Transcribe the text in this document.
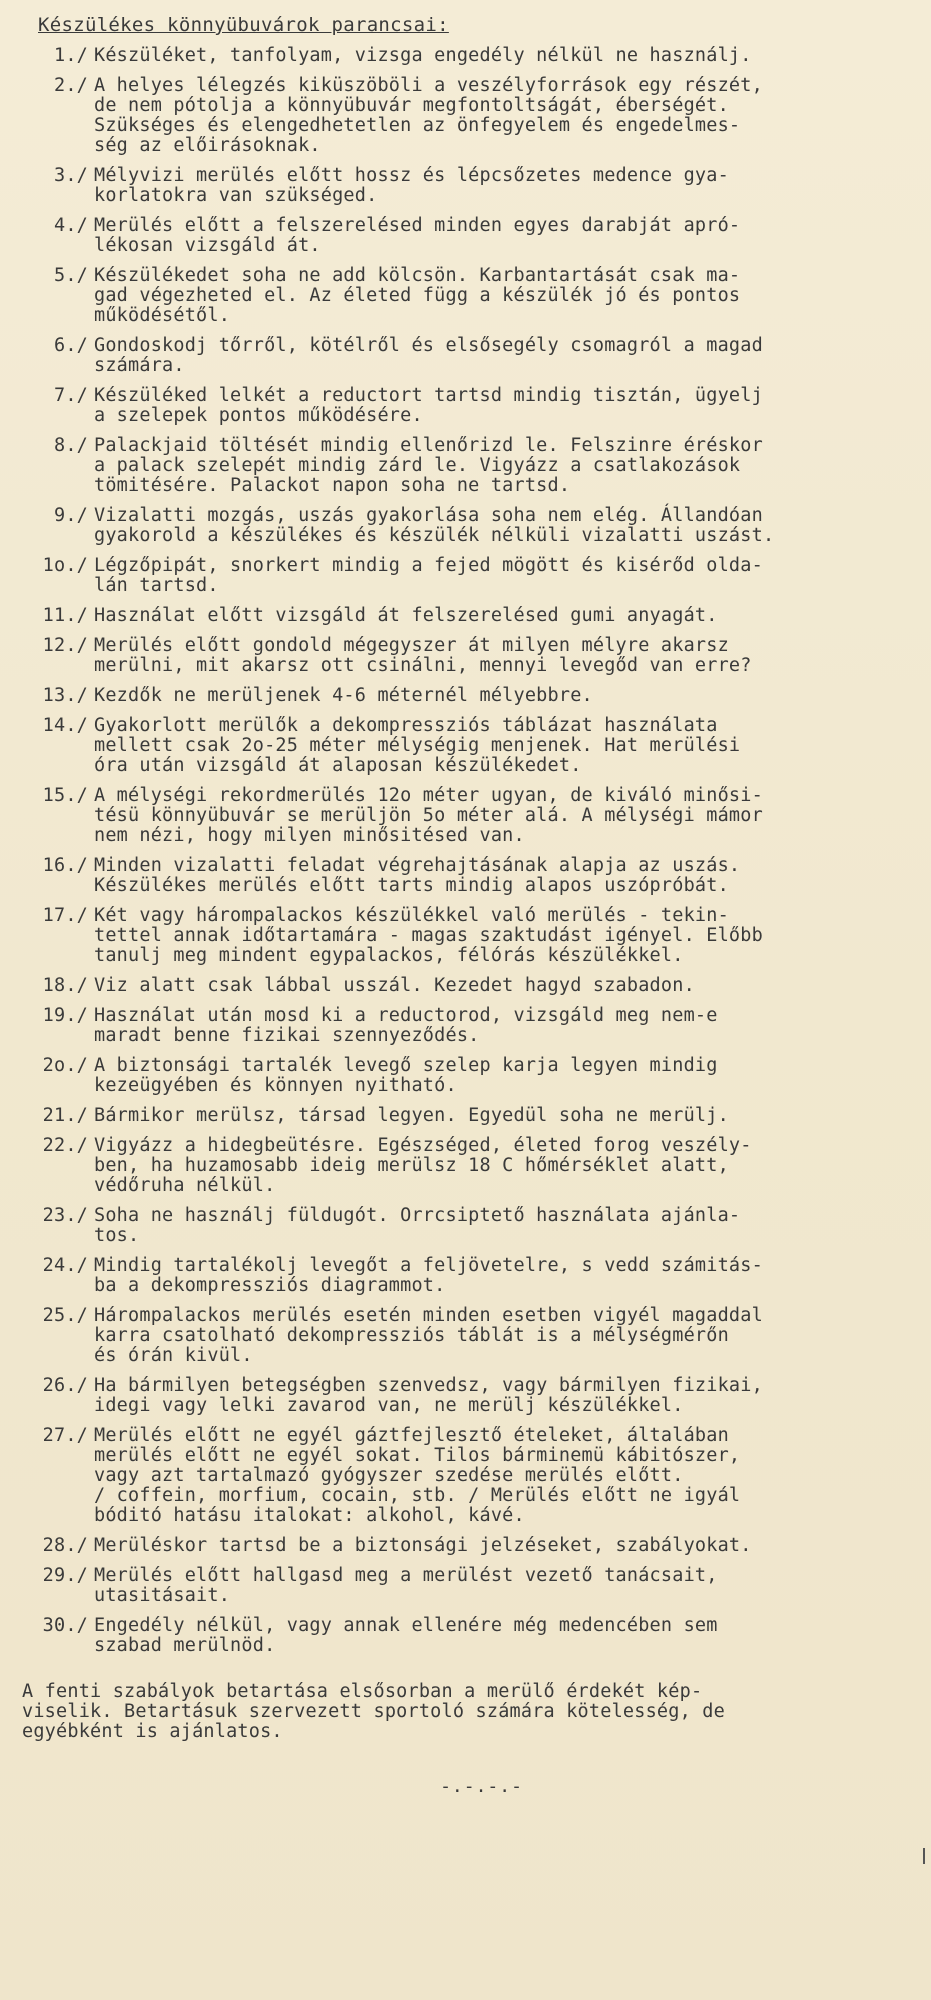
Készülékes könnyübuvárok parancsai:
1./ Készüléket, tanfolyam, vizsga engedély nélkül ne használj.
2./ A helyes lélegzés kiküszöböli a veszélyforrások egy részét,
de nem pótolja a könnyübuvár megfontoltságát, éberségét.
Szükséges és elengedhetetlen az önfegyelem és engedelmes-
ség az előirásoknak.
3./ Mélyvizi merülés előtt hossz és lépcsőzetes medence gya-
korlatokra van szükséged.
4./ Merülés előtt a felszerelésed minden egyes darabját apró-
lékosan vizsgáld át.
5./ Készülékedet soha ne add kölcsön. Karbantartását csak ma-
gad végezheted el. Az életed függ a készülék jó és pontos
működésétől.
6./ Gondoskodj tőrről, kötélről és elsősegély csomagról a magad
számára.
7./ Készüléked lelkét a reductort tartsd mindig tisztán, ügyelj
a szelepek pontos működésére.
8./ Palackjaid töltését mindig ellenőrizd le. Felszinre éréskor
a palack szelepét mindig zárd le. Vigyázz a csatlakozások
tömitésére. Palackot napon soha ne tartsd.
9./ Vizalatti mozgás, uszás gyakorlása soha nem elég. Állandóan
gyakorold a készülékes és készülék nélküli vizalatti uszást.
1o./ Légzőpipát, snorkert mindig a fejed mögött és kisérőd olda-
lán tartsd.
11./ Használat előtt vizsgáld át felszerelésed gumi anyagát.
12./ Merülés előtt gondold mégegyszer át milyen mélyre akarsz
merülni, mit akarsz ott csinálni, mennyi levegőd van erre?
13./ Kezdők ne merüljenek 4-6 méternél mélyebbre.
14./ Gyakorlott merülők a dekompressziós táblázat használata
mellett csak 2o-25 méter mélységig menjenek. Hat merülési
óra után vizsgáld át alaposan készülékedet.
15./ A mélységi rekordmerülés 12o méter ugyan, de kiváló minősi-
tésü könnyübuvár se merüljön 5o méter alá. A mélységi mámor
nem nézi, hogy milyen minősitésed van.
16./ Minden vizalatti feladat végrehajtásának alapja az uszás.
Készülékes merülés előtt tarts mindig alapos uszópróbát.
17./ Két vagy hárompalackos készülékkel való merülés - tekin-
tettel annak időtartamára - magas szaktudást igényel. Előbb
tanulj meg mindent egypalackos, félórás készülékkel.
18./ Viz alatt csak lábbal usszál. Kezedet hagyd szabadon.
19./ Használat után mosd ki a reductorod, vizsgáld meg nem-e
maradt benne fizikai szennyeződés.
2o./ A biztonsági tartalék levegő szelep karja legyen mindig
kezeügyében és könnyen nyitható.
21./ Bármikor merülsz, társad legyen. Egyedül soha ne merülj.
22./ Vigyázz a hidegbeütésre. Egészséged, életed forog veszély-
ben, ha huzamosabb ideig merülsz 18 C hőmérséklet alatt,
védőruha nélkül.
23./ Soha ne használj füldugót. Orrcsiptető használata ajánla-
tos.
24./ Mindig tartalékolj levegőt a feljövetelre, s vedd számitás-
ba a dekompressziós diagrammot.
25./ Hárompalackos merülés esetén minden esetben vigyél magaddal
karra csatolható dekompressziós táblát is a mélységmérőn
és órán kivül.
26./ Ha bármilyen betegségben szenvedsz, vagy bármilyen fizikai,
idegi vagy lelki zavarod van, ne merülj készülékkel.
27./ Merülés előtt ne egyél gáztfejlesztő ételeket, általában
merülés előtt ne egyél sokat. Tilos bárminemü kábitószer,
vagy azt tartalmazó gyógyszer szedése merülés előtt.
/ coffein, morfium, cocain, stb. / Merülés előtt ne igyál
bóditó hatásu italokat: alkohol, kávé.
28./ Merüléskor tartsd be a biztonsági jelzéseket, szabályokat.
29./ Merülés előtt hallgasd meg a merülést vezető tanácsait,
utasitásait.
30./ Engedély nélkül, vagy annak ellenére még medencében sem
szabad merülnöd.
A fenti szabályok betartása elsősorban a merülő érdekét kép-
viselik. Betartásuk szervezett sportoló számára kötelesség, de
egyébként is ajánlatos.
-.-.-.-
